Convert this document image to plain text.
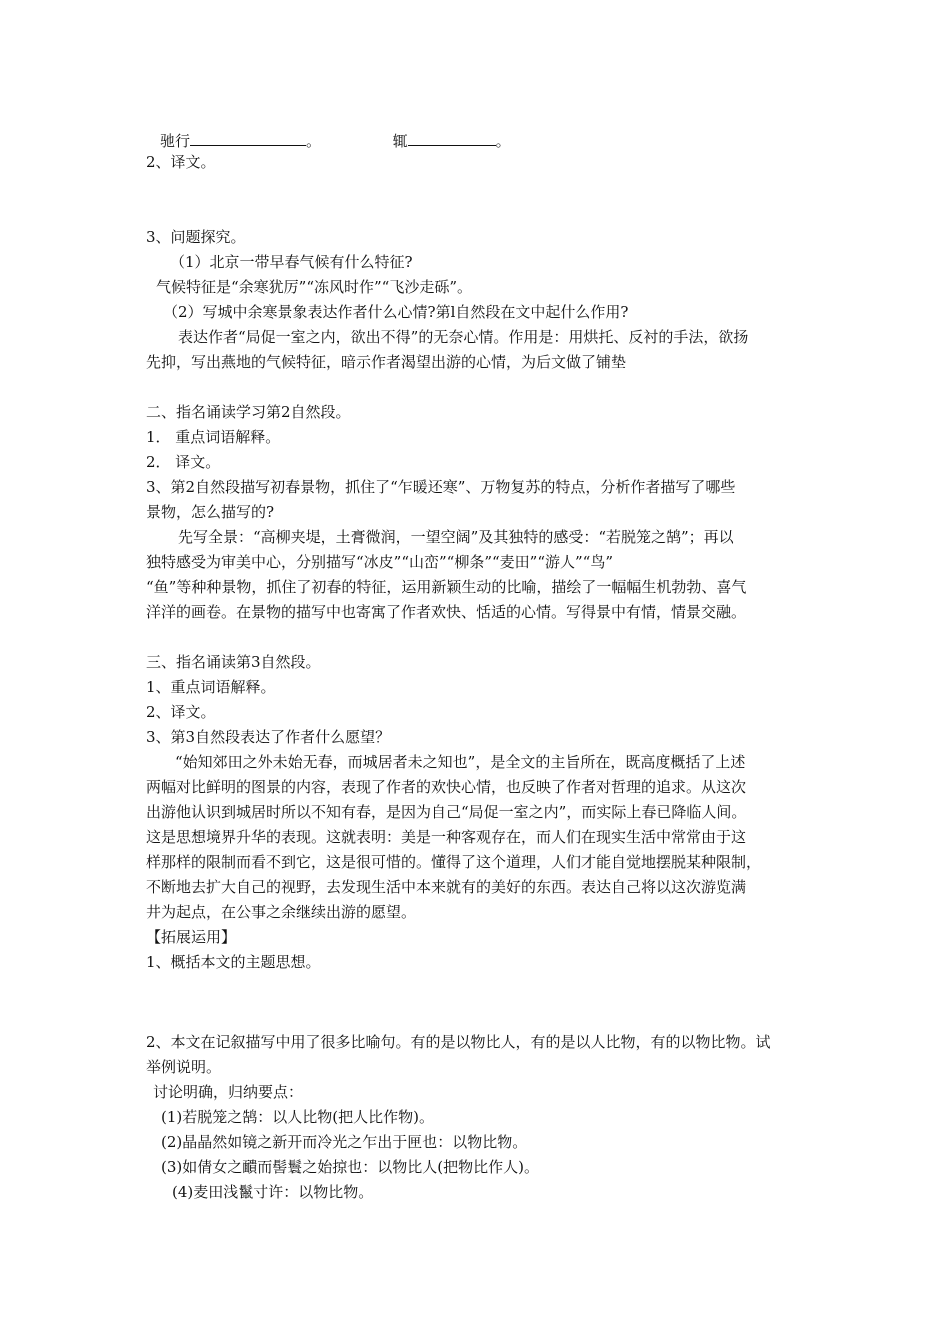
驰行	。	辄	。
2、译文。
3、问题探究。
（1）北京一带早春气候有什么特征?
气候特征是“余寒犹厉”“冻风时作”“飞沙走砾”。
（2）写城中余寒景象表达作者什么心情?第l自然段在文中起什么作用?
表达作者“局促一室之内，欲出不得”的无奈心情。作用是：用烘托、反衬的手法，欲扬
先抑，写出燕地的气候特征，暗示作者渴望出游的心情，为后文做了铺垫
二、指名诵读学习第2自然段。
1． 重点词语解释。
2． 译文。
3、第2自然段描写初春景物，抓住了“乍暖还寒”、万物复苏的特点，分析作者描写了哪些
景物，怎么描写的?
先写全景：“高柳夹堤，土膏微润，一望空阔”及其独特的感受：“若脱笼之鹄”；再以
独特感受为审美中心，分别描写“冰皮”“山峦”“柳条”“麦田”“游人”“鸟”
“鱼”等种种景物，抓住了初春的特征，运用新颖生动的比喻，描绘了一幅幅生机勃勃、喜气
洋洋的画卷。在景物的描写中也寄寓了作者欢快、恬适的心情。写得景中有情，情景交融。
三、指名诵读第3自然段。
1、重点词语解释。
2、译文。
3、第3自然段表达了作者什么愿望？
“始知郊田之外未始无春，而城居者未之知也”，是全文的主旨所在，既高度概括了上述
两幅对比鲜明的图景的内容，表现了作者的欢快心情，也反映了作者对哲理的追求。从这次
出游他认识到城居时所以不知有春，是因为自己“局促一室之内”，而实际上春已降临人间。
这是思想境界升华的表现。这就表明：美是一种客观存在，而人们在现实生活中常常由于这
样那样的限制而看不到它，这是很可惜的。懂得了这个道理，人们才能自觉地摆脱某种限制，
不断地去扩大自己的视野，去发现生活中本来就有的美好的东西。表达自己将以这次游览满
井为起点，在公事之余继续出游的愿望。
【拓展运用】
1、概括本文的主题思想。
2、本文在记叙描写中用了很多比喻句。有的是以物比人，有的是以人比物，有的以物比物。试
举例说明。
讨论明确，归纳要点：
(1)若脱笼之鹄：以人比物(把人比作物)。
(2)晶晶然如镜之新开而冷光之乍出于匣也：以物比物。
(3)如倩女之靧而髻鬟之始掠也：以物比人(把物比作人)。
(4)麦田浅鬣寸许：以物比物。
